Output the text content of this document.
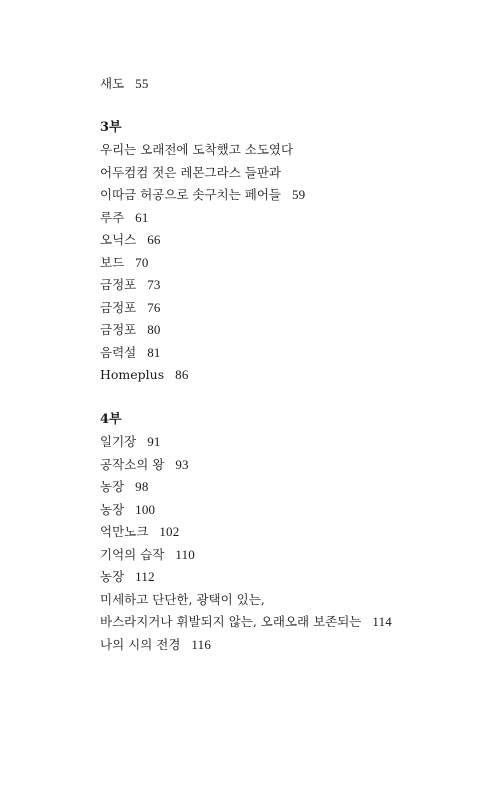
새도 55
3부
우리는 오래전에 도착했고 소도였다
어두컴컴 젓은 레몬그라스 들판과
이따금 허공으로 솟구치는 페어들 59
루주 61
오닉스 66
보드 70
금정포 73
금정포 76
금정포 80
음력설 81
Homeplus 86
4부
일기장 91
공작소의 왕 93
농장 98
농장 100
억만노크 102
기억의 습작 110
농장 112
미세하고 단단한, 광택이 있는,
바스라지거나 휘발되지 않는, 오래오래 보존되는 114
나의 시의 전경 116
